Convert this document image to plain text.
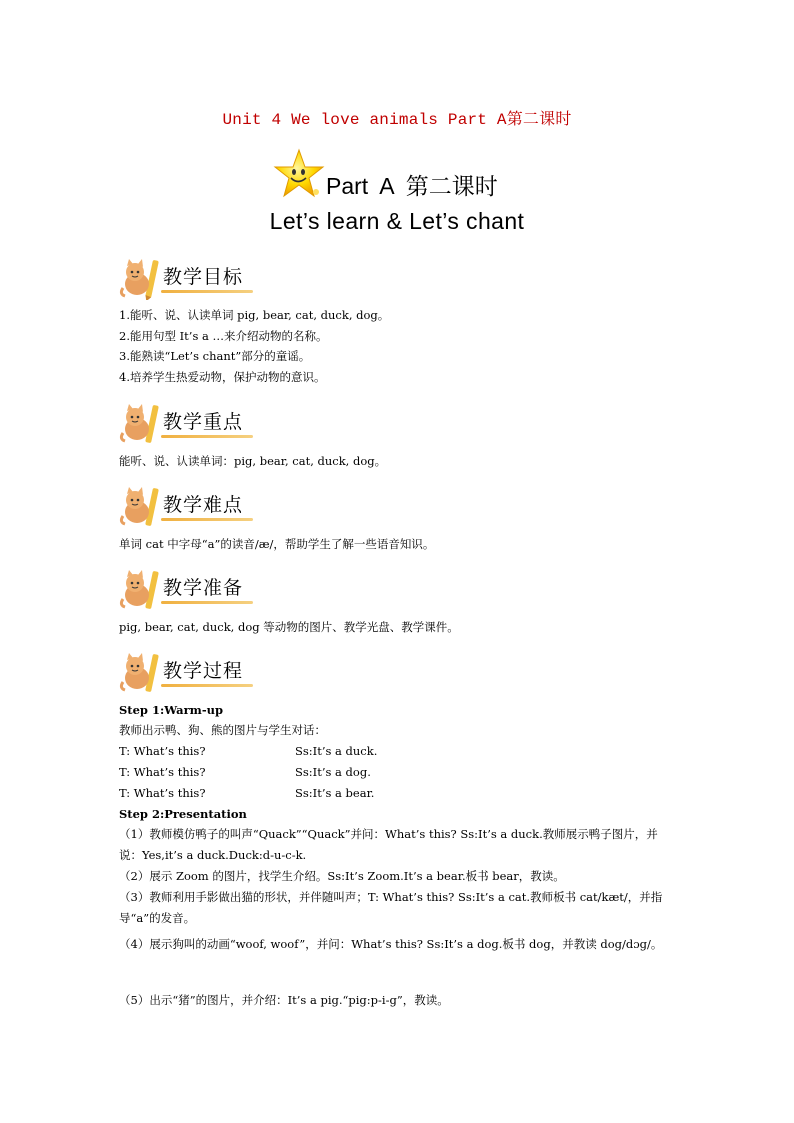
Unit 4 We love animals Part A第二课时
Part A 第二课时
Let’s learn & Let’s chant
教学目标
1.能听、说、认读单词 pig, bear, cat, duck, dog。
2.能用句型 It’s a …来介绍动物的名称。
3.能熟读“Let’s chant”部分的童谣。
4.培养学生热爱动物，保护动物的意识。
教学重点
能听、说、认读单词：pig, bear, cat, duck, dog。
教学难点
单词 cat 中字母“a”的读音/æ/，帮助学生了解一些语音知识。
教学准备
pig, bear, cat, duck, dog 等动物的图片、教学光盘、教学课件。
教学过程
Step 1:Warm-up
教师出示鸭、狗、熊的图片与学生对话：
T: What’s this?	Ss:It’s a duck.
T: What’s this?	Ss:It’s a dog.
T: What’s this?	Ss:It’s a bear.
Step 2:Presentation
（1）教师模仿鸭子的叫声“Quack”“Quack”并问：What’s this? Ss:It’s a duck.教师展示鸭子图片，并说：Yes,it’s a duck.Duck:d-u-c-k.
（2）展示 Zoom 的图片，找学生介绍。Ss:It’s Zoom.It’s a bear.板书 bear，教读。
（3）教师利用手影做出猫的形状，并伴随叫声；T: What’s this? Ss:It’s a cat.教师板书 cat/kæt/，并指导“a”的发音。
（4）展示狗叫的动画“woof, woof”，并问：What’s this? Ss:It’s a dog.板书 dog，并教读 dog/dɔg/。
（5）出示“猪”的图片，并介绍：It’s a pig.“pig:p-i-g”，教读。
